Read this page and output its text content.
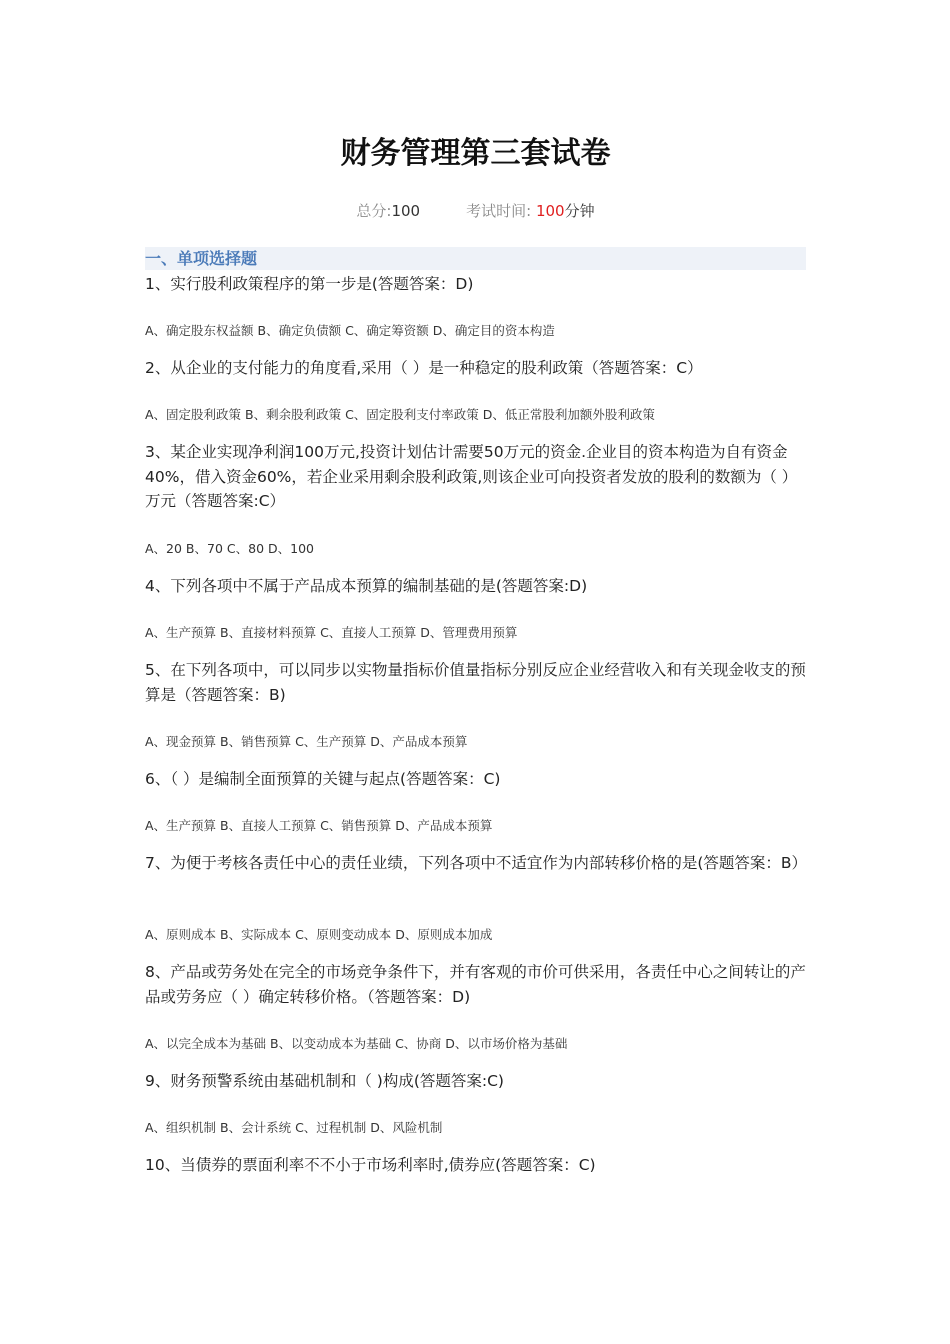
财务管理第三套试卷
总分:100	考试时间: 100分钟
一、单项选择题
1、实行股利政策程序的第一步是(答题答案：D)
A、确定股东权益额 B、确定负债额 C、确定筹资额 D、确定目的资本构造
2、从企业的支付能力的角度看,采用（ ）是一种稳定的股利政策（答题答案：C）
A、固定股利政策 B、剩余股利政策 C、固定股利支付率政策 D、低正常股利加额外股利政策
3、某企业实现净利润100万元,投资计划估计需要50万元的资金.企业目的资本构造为自有资金40%，借入资金60%，若企业采用剩余股利政策,则该企业可向投资者发放的股利的数额为（ ）万元（答题答案:C）
A、20 B、70 C、80 D、100
4、下列各项中不属于产品成本预算的编制基础的是(答题答案:D)
A、生产预算 B、直接材料预算 C、直接人工预算 D、管理费用预算
5、在下列各项中，可以同步以实物量指标价值量指标分别反应企业经营收入和有关现金收支的预算是（答题答案：B)
A、现金预算 B、销售预算 C、生产预算 D、产品成本预算
6、（ ）是编制全面预算的关键与起点(答题答案：C)
A、生产预算 B、直接人工预算 C、销售预算 D、产品成本预算
7、为便于考核各责任中心的责任业绩，下列各项中不适宜作为内部转移价格的是(答题答案：B）
A、原则成本 B、实际成本 C、原则变动成本 D、原则成本加成
8、产品或劳务处在完全的市场竞争条件下，并有客观的市价可供采用，各责任中心之间转让的产品或劳务应（ ）确定转移价格。（答题答案：D)
A、以完全成本为基础 B、以变动成本为基础 C、协商 D、以市场价格为基础
9、财务预警系统由基础机制和（ )构成(答题答案:C)
A、组织机制 B、会计系统 C、过程机制 D、风险机制
10、当债券的票面利率不不小于市场利率时,债券应(答题答案：C)
